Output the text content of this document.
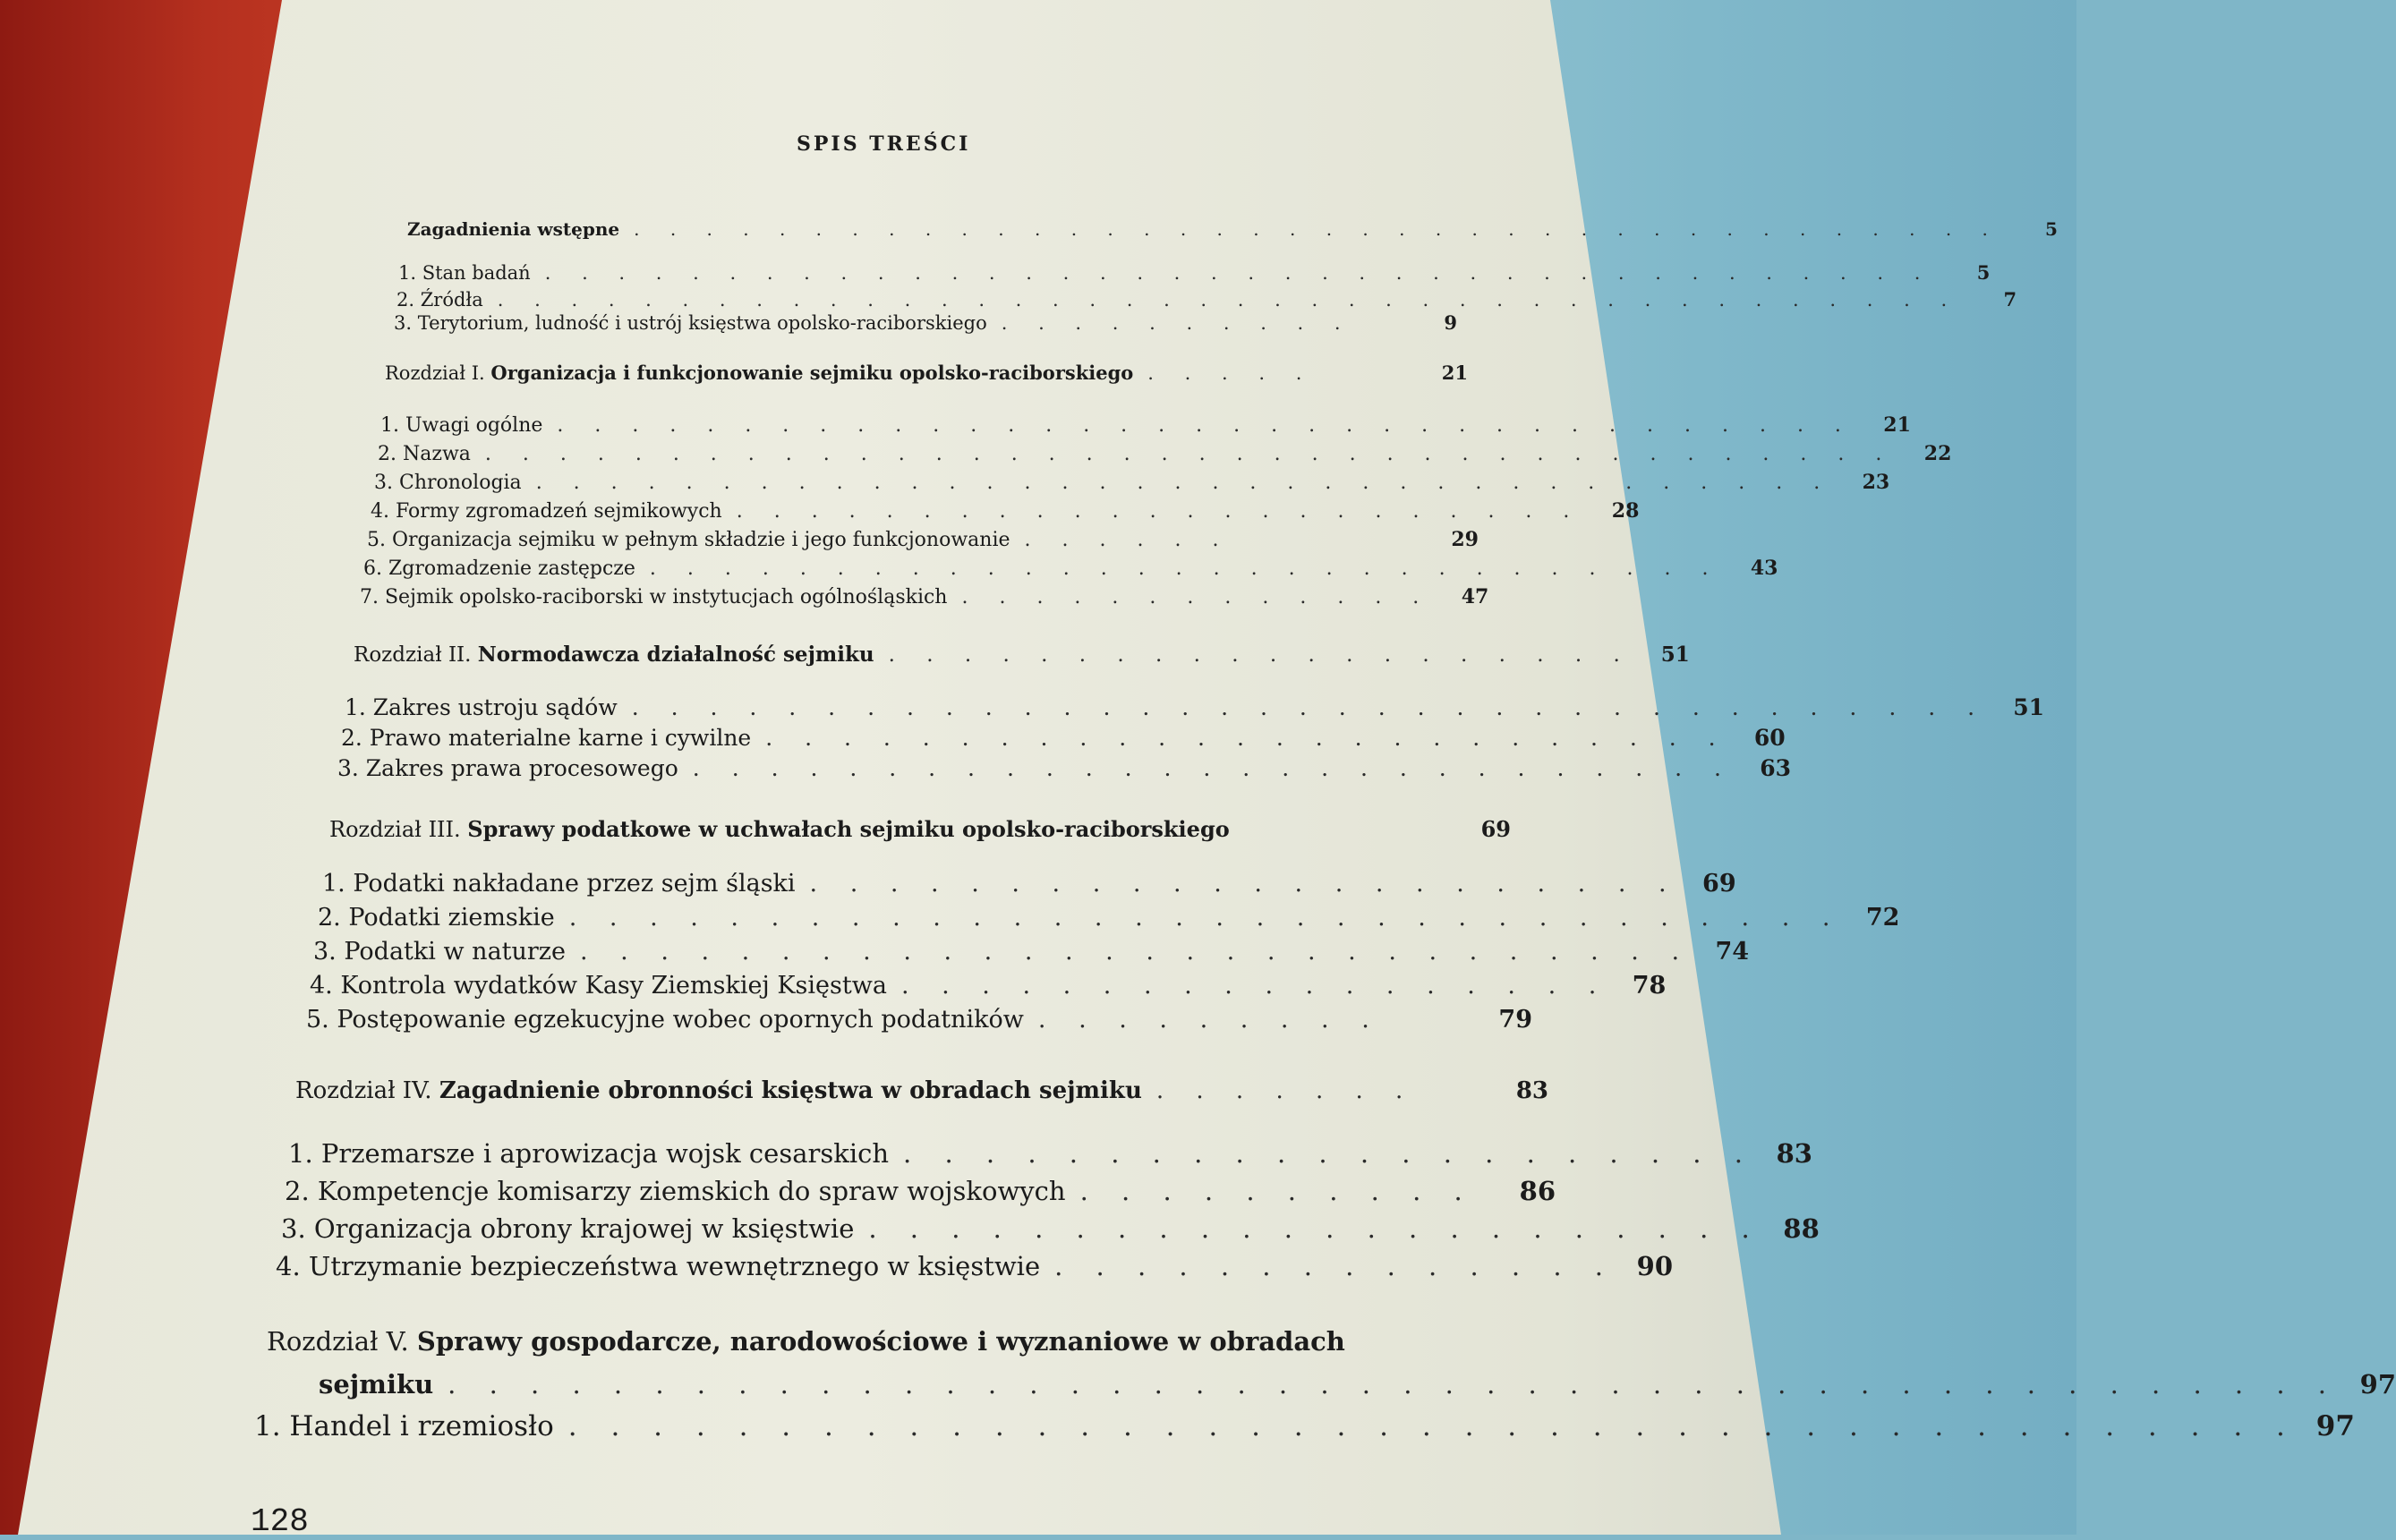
SPIS TREŚCI
Zagadnienia wstępne . . . . . . . . . . . . . . . . . . . . . . . . . . . . . . . . . . . . . .	5
1. Stan badań . . . . . . . . . . . . . . . . . . . . . . . . . . . . . . . . . . . . . .	5
2. Źródła . . . . . . . . . . . . . . . . . . . . . . . . . . . . . . . . . . . . . . . .	7
3. Terytorium, ludność i ustrój księstwa opolsko-raciborskiego . . . . . . . . . .	9
Rozdział I. Organizacja i funkcjonowanie sejmiku opolsko-raciborskiego . . . . .	21
1. Uwagi ogólne . . . . . . . . . . . . . . . . . . . . . . . . . . . . . . . . . . .	21
2. Nazwa . . . . . . . . . . . . . . . . . . . . . . . . . . . . . . . . . . . . . .	22
3. Chronologia . . . . . . . . . . . . . . . . . . . . . . . . . . . . . . . . . . .	23
4. Formy zgromadzeń sejmikowych . . . . . . . . . . . . . . . . . . . . . . .	28
5. Organizacja sejmiku w pełnym składzie i jego funkcjonowanie . . . . . .	29
6. Zgromadzenie zastępcze . . . . . . . . . . . . . . . . . . . . . . . . . . . . .	43
7. Sejmik opolsko-raciborski w instytucjach ogólnośląskich . . . . . . . . . . . . .	47
Rozdział II. Normodawcza działalność sejmiku . . . . . . . . . . . . . . . . . . . .	51
1. Zakres ustroju sądów . . . . . . . . . . . . . . . . . . . . . . . . . . . . . . . . . . .	51
2. Prawo materialne karne i cywilne . . . . . . . . . . . . . . . . . . . . . . . . .	60
3. Zakres prawa procesowego . . . . . . . . . . . . . . . . . . . . . . . . . . .	63
Rozdział III. Sprawy podatkowe w uchwałach sejmiku opolsko-raciborskiego	69
1. Podatki nakładane przez sejm śląski . . . . . . . . . . . . . . . . . . . . . . 69
2. Podatki ziemskie . . . . . . . . . . . . . . . . . . . . . . . . . . . . . . . . 72
3. Podatki w naturze . . . . . . . . . . . . . . . . . . . . . . . . . . . . 74
4. Kontrola wydatków Kasy Ziemskiej Księstwa . . . . . . . . . . . . . . . . . . 78
5. Postępowanie egzekucyjne wobec opornych podatników . . . . . . . . .	79
Rozdział IV. Zagadnienie obronności księstwa w obradach sejmiku . . . . . . .	83
1. Przemarsze i aprowizacja wojsk cesarskich . . . . . . . . . . . . . . . . . . . . . 83
2. Kompetencje komisarzy ziemskich do spraw wojskowych . . . . . . . . . .	86
3. Organizacja obrony krajowej w księstwie . . . . . . . . . . . . . . . . . . . . . . 88
4. Utrzymanie bezpieczeństwa wewnętrznego w księstwie . . . . . . . . . . . . . . 90
Rozdział V. Sprawy gospodarcze, narodowościowe i wyznaniowe w obradach
sejmiku . . . . . . . . . . . . . . . . . . . . . . . . . . . . . . . . . . . . . . . . . . . . . . 97
1. Handel i rzemiosło . . . . . . . . . . . . . . . . . . . . . . . . . . . . . . . . . . . . . . . . . 97
128
